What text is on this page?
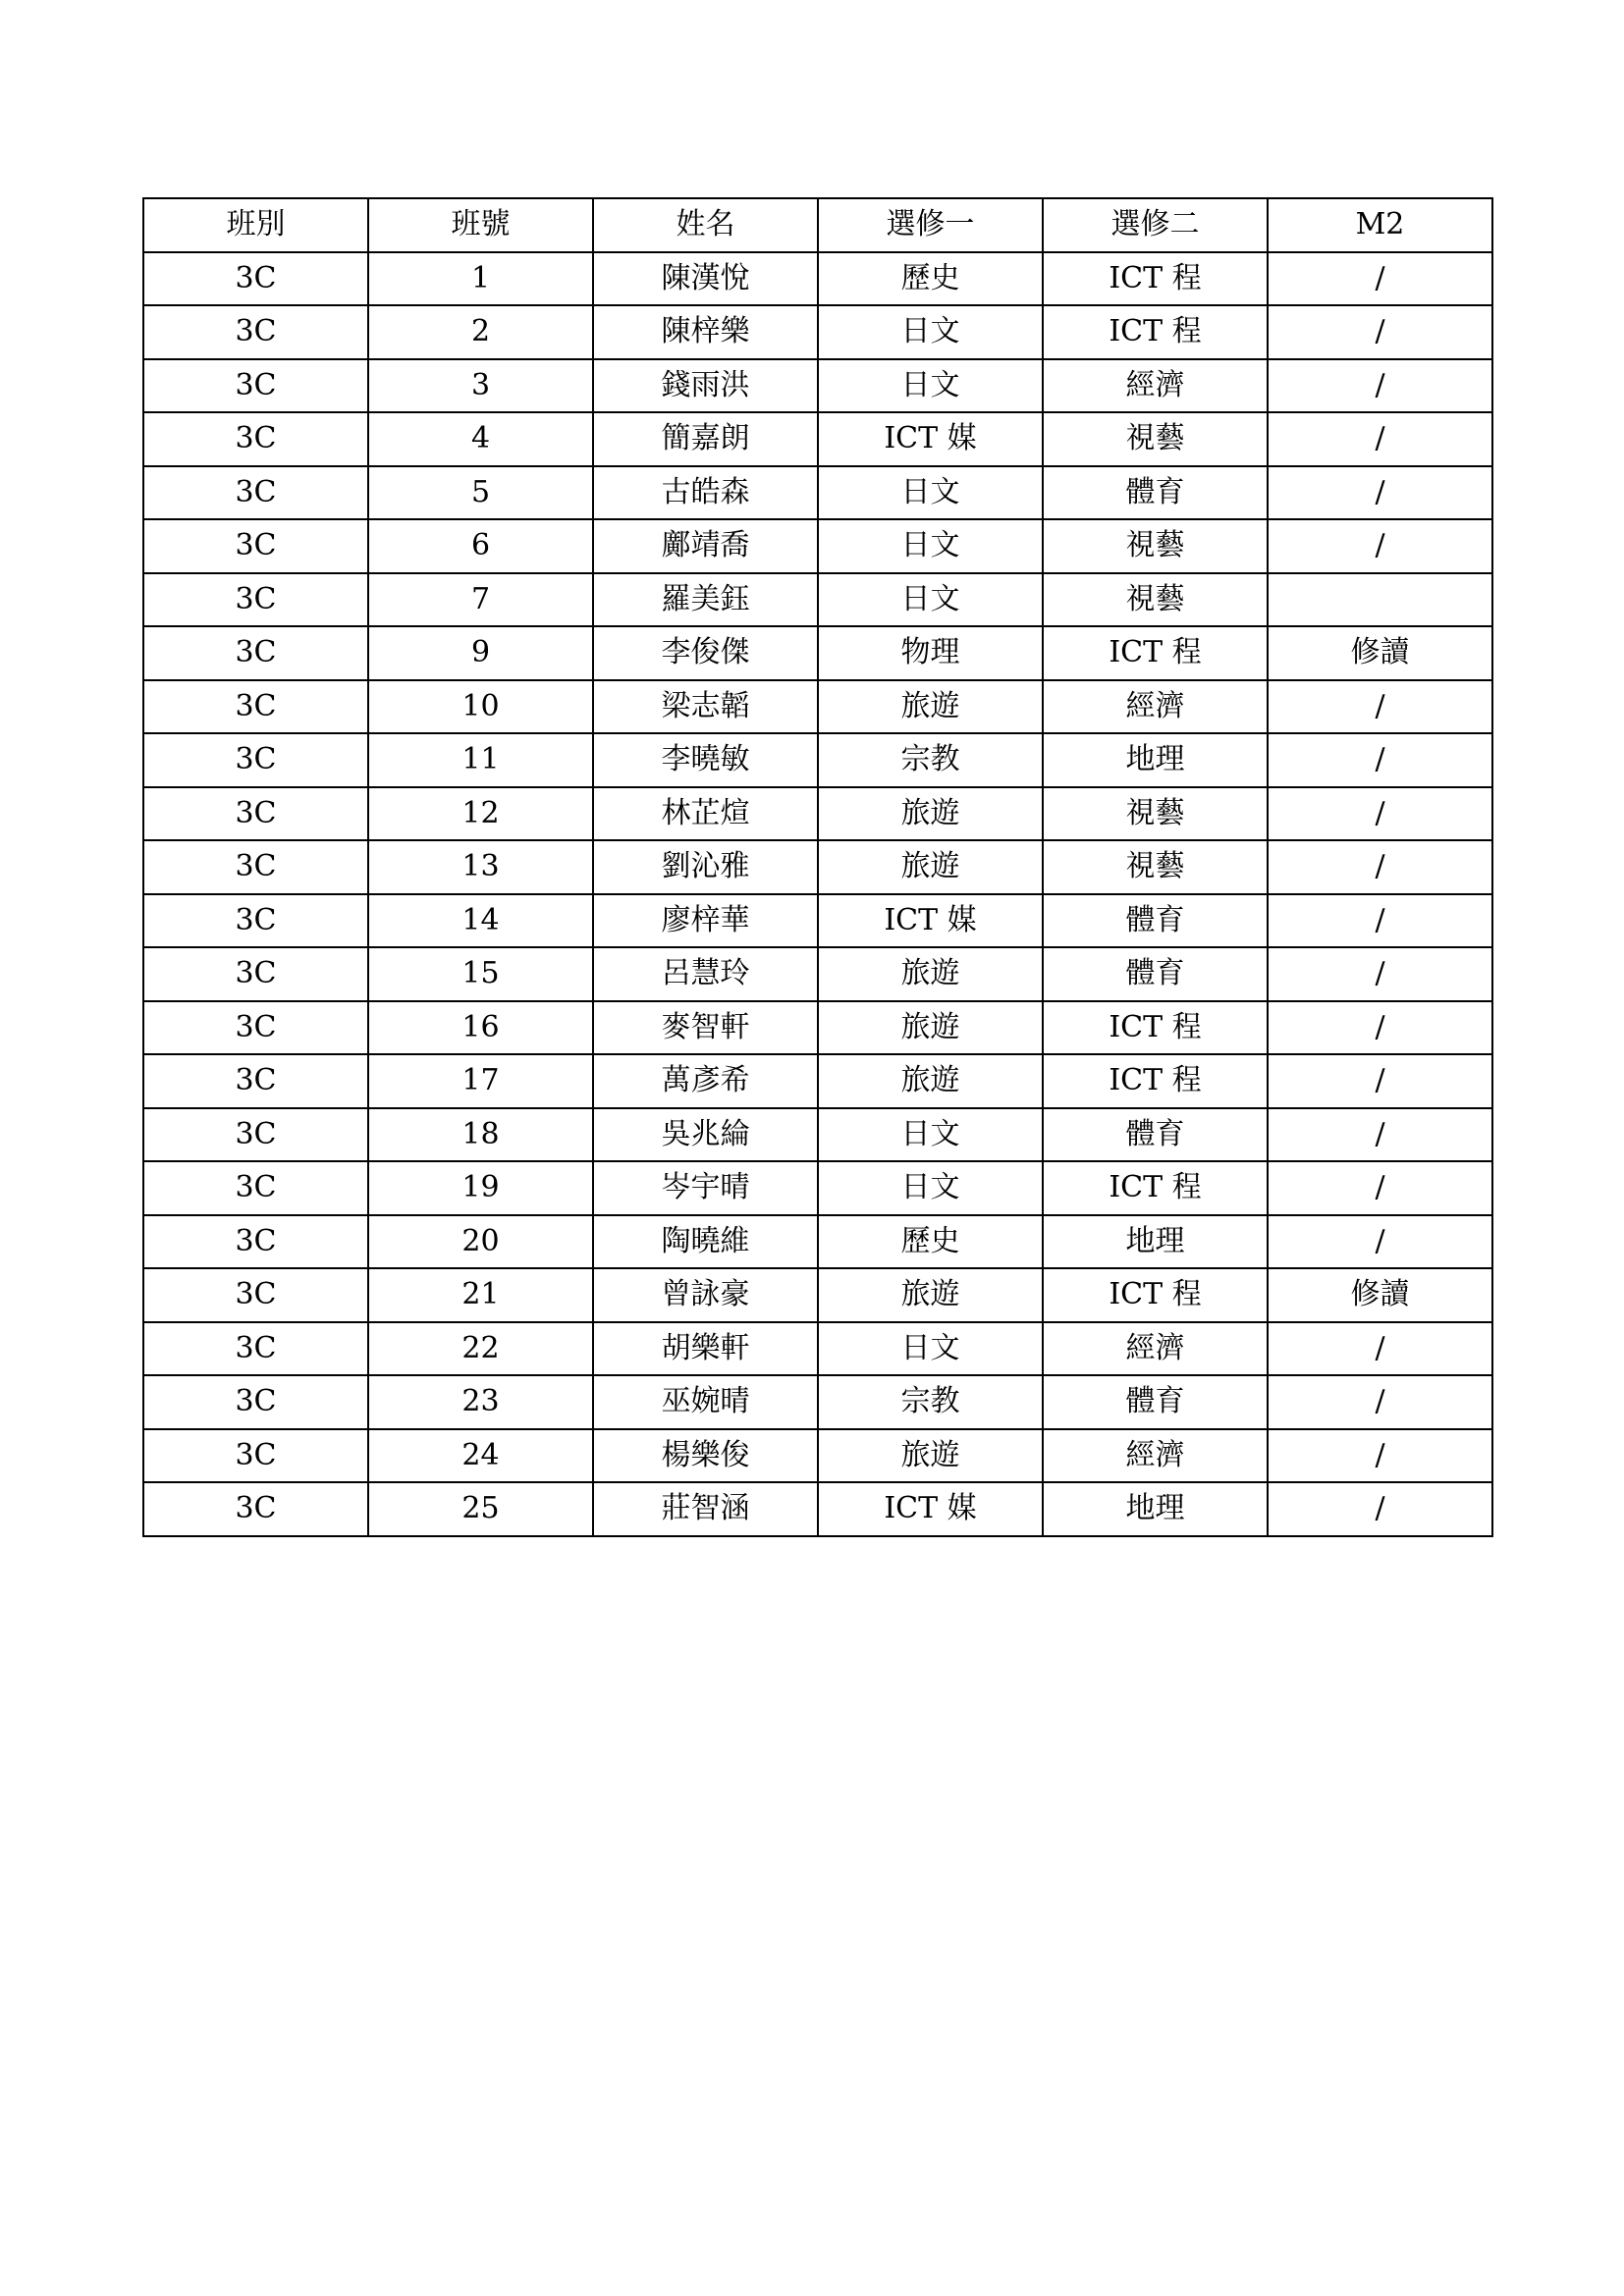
班別	班號	姓名	選修一	選修二	M2
3C	1	陳漢悅	歷史	ICT 程	/
3C	2	陳梓樂	日文	ICT 程	/
3C	3	錢雨洪	日文	經濟	/
3C	4	簡嘉朗	ICT 媒	視藝	/
3C	5	古皓森	日文	體育	/
3C	6	鄺靖喬	日文	視藝	/
3C	7	羅美鈺	日文	視藝	
3C	9	李俊傑	物理	ICT 程	修讀
3C	10	梁志韜	旅遊	經濟	/
3C	11	李曉敏	宗教	地理	/
3C	12	林芷煊	旅遊	視藝	/
3C	13	劉沁雅	旅遊	視藝	/
3C	14	廖梓華	ICT 媒	體育	/
3C	15	呂慧玲	旅遊	體育	/
3C	16	麥智軒	旅遊	ICT 程	/
3C	17	萬彥希	旅遊	ICT 程	/
3C	18	吳兆綸	日文	體育	/
3C	19	岑宇晴	日文	ICT 程	/
3C	20	陶曉維	歷史	地理	/
3C	21	曾詠豪	旅遊	ICT 程	修讀
3C	22	胡樂軒	日文	經濟	/
3C	23	巫婉晴	宗教	體育	/
3C	24	楊樂俊	旅遊	經濟	/
3C	25	莊智涵	ICT 媒	地理	/
